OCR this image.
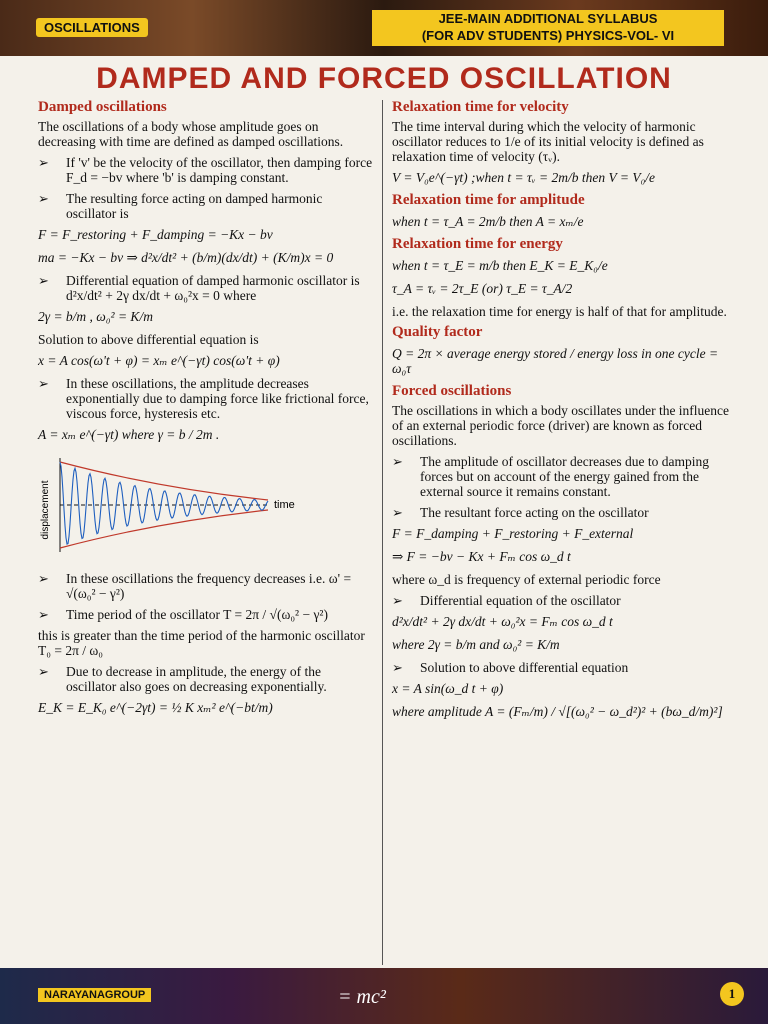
OSCILLATIONS
JEE-MAIN ADDITIONAL SYLLABUS
(FOR ADV STUDENTS) PHYSICS-VOL- VI
DAMPED AND FORCED OSCILLATION
Damped oscillations
The oscillations of a body whose amplitude goes on decreasing with time are defined as damped oscillations.
➢ If 'v' be the velocity of the oscillator, then damping force F_d = −bv where 'b' is damping constant.
➢ The resulting force acting on damped harmonic oscillator is
F = F_restoring + F_damping = −Kx − bv
ma = −Kx − bv ⇒ d²x/dt² + (b/m)(dx/dt) + (K/m)x = 0
➢ Differential equation of damped harmonic oscillator is d²x/dt² + 2γ dx/dt + ω₀²x = 0 where
2γ = b/m , ω₀² = K/m
Solution to above differential equation is
x = A cos(ω't + φ) = xₘ e^(−γt) cos(ω't + φ)
➢ In these oscillations, the amplitude decreases exponentially due to damping force like frictional force, viscous force, hysteresis etc.
A = xₘ e^(−γt) where γ = b / 2m .
displacement	time
➢ In these oscillations the frequency decreases i.e. ω' = √(ω₀² − γ²)
➢ Time period of the oscillator T = 2π / √(ω₀² − γ²)
this is greater than the time period of the harmonic oscillator T₀ = 2π / ω₀
➢ Due to decrease in amplitude, the energy of the oscillator also goes on decreasing exponentially.
E_K = E_K₀ e^(−2γt) = ½ K xₘ² e^(−bt/m)
Relaxation time for velocity
The time interval during which the velocity of harmonic oscillator reduces to 1/e of its initial velocity is defined as relaxation time of velocity (τᵥ).
V = V₀e^(−γt) ;when t = τᵥ = 2m/b then V = V₀/e
Relaxation time for amplitude
when t = τ_A = 2m/b then A = xₘ/e
Relaxation time for energy
when t = τ_E = m/b then E_K = E_K₀/e
τ_A = τᵥ = 2τ_E (or) τ_E = τ_A/2
i.e. the relaxation time for energy is half of that for amplitude.
Quality factor
Q = 2π × average energy stored / energy loss in one cycle = ω₀τ
Forced oscillations
The oscillations in which a body oscillates under the influence of an external periodic force (driver) are known as forced oscillations.
➢ The amplitude of oscillator decreases due to damping forces but on account of the energy gained from the external source it remains constant.
➢ The resultant force acting on the oscillator
F = F_damping + F_restoring + F_external
⇒ F = −bv − Kx + Fₘ cos ω_d t
where ω_d is frequency of external periodic force
➢ Differential equation of the oscillator
d²x/dt² + 2γ dx/dt + ω₀²x = Fₘ cos ω_d t
where 2γ = b/m and ω₀² = K/m
➢ Solution to above differential equation
x = A sin(ω_d t + φ)
where amplitude A = (Fₘ/m) / √[(ω₀² − ω_d²)² + (bω_d/m)²]
NARAYANAGROUP	= mc²	1
